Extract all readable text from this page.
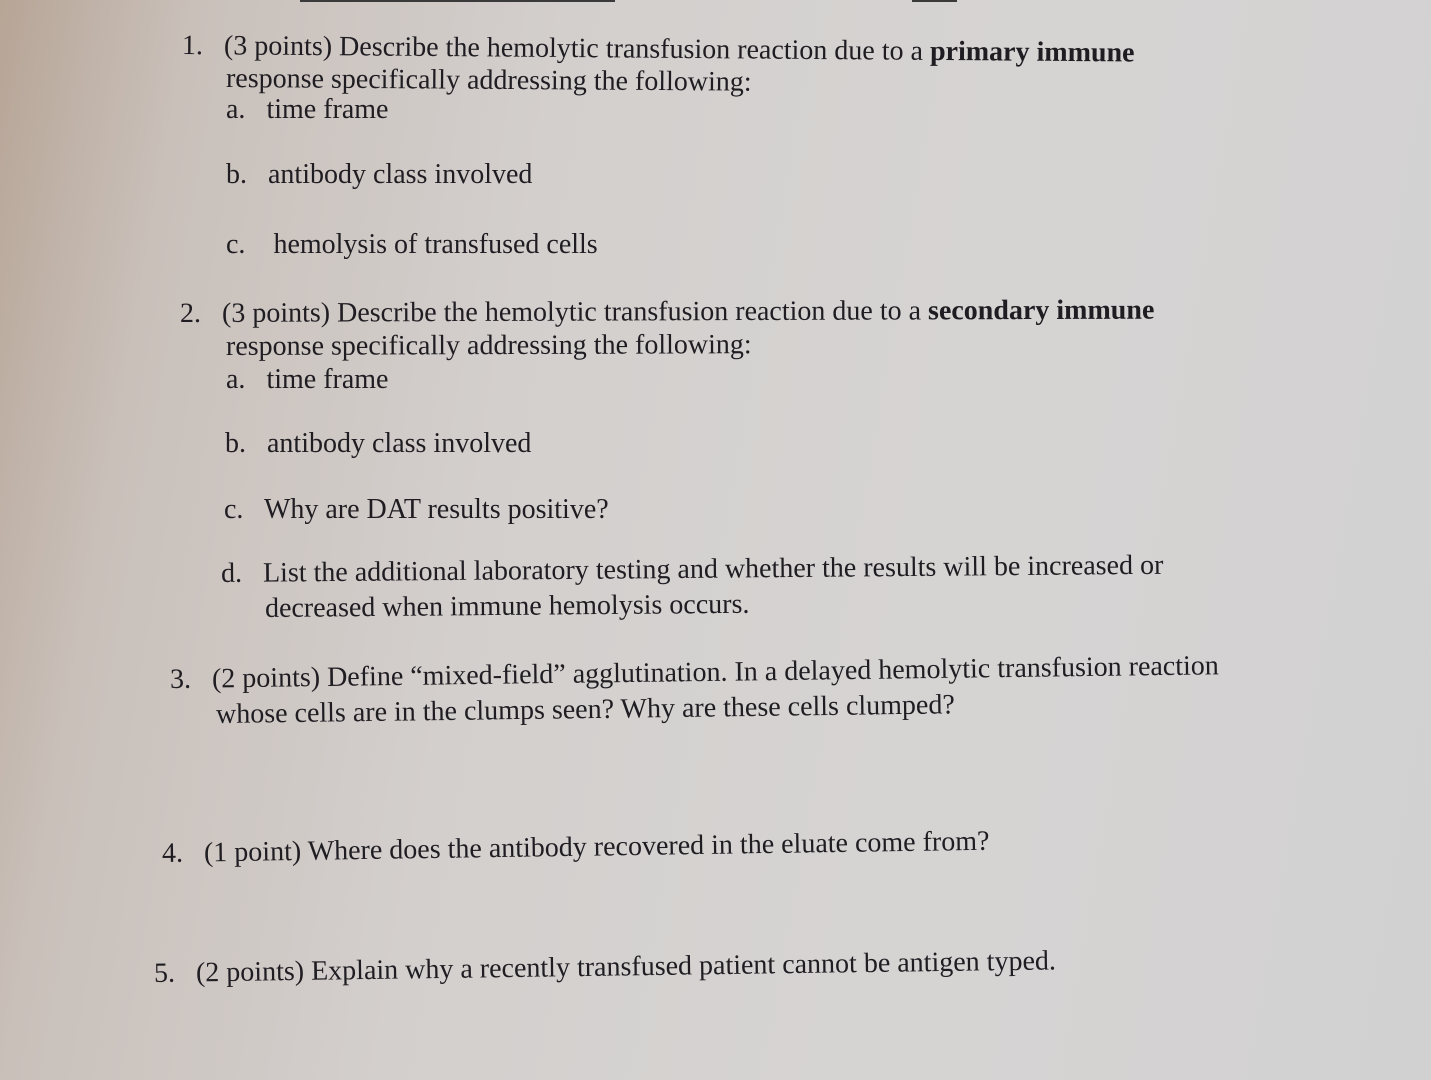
1. (3 points) Describe the hemolytic transfusion reaction due to a primary immune
response specifically addressing the following:
a. time frame
b. antibody class involved
c. hemolysis of transfused cells
2. (3 points) Describe the hemolytic transfusion reaction due to a secondary immune
response specifically addressing the following:
a. time frame
b. antibody class involved
c. Why are DAT results positive?
d. List the additional laboratory testing and whether the results will be increased or
decreased when immune hemolysis occurs.
3. (2 points) Define “mixed-field” agglutination. In a delayed hemolytic transfusion reaction
whose cells are in the clumps seen? Why are these cells clumped?
4. (1 point) Where does the antibody recovered in the eluate come from?
5. (2 points) Explain why a recently transfused patient cannot be antigen typed.
